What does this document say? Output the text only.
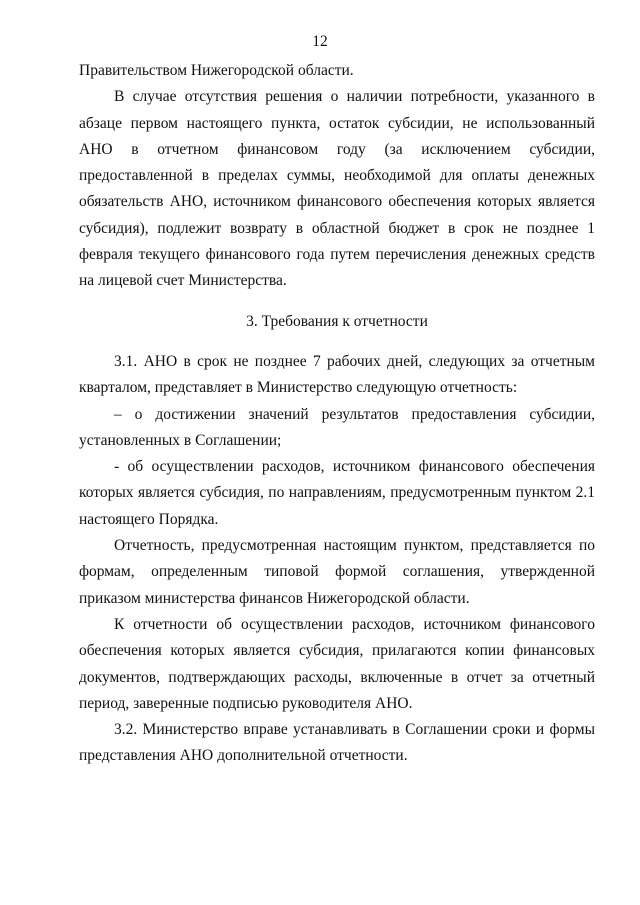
12

Правительством Нижегородской области.

В случае отсутствия решения о наличии потребности, указанного в абзаце первом настоящего пункта, остаток субсидии, не использованный АНО в отчетном финансовом году (за исключением субсидии, предоставленной в пределах суммы, необходимой для оплаты денежных обязательств АНО, источником финансового обеспечения которых является субсидия), подлежит возврату в областной бюджет в срок не позднее 1 февраля текущего финансового года путем перечисления денежных средств на лицевой счет Министерства.

3. Требования к отчетности

3.1. АНО в срок не позднее 7 рабочих дней, следующих за отчетным кварталом, представляет в Министерство следующую отчетность:

– о достижении значений результатов предоставления субсидии, установленных в Соглашении;

- об осуществлении расходов, источником финансового обеспечения которых является субсидия, по направлениям, предусмотренным пунктом 2.1 настоящего Порядка.

Отчетность, предусмотренная настоящим пунктом, представляется по формам, определенным типовой формой соглашения, утвержденной приказом министерства финансов Нижегородской области.

К отчетности об осуществлении расходов, источником финансового обеспечения которых является субсидия, прилагаются копии финансовых документов, подтверждающих расходы, включенные в отчет за отчетный период, заверенные подписью руководителя АНО.

3.2. Министерство вправе устанавливать в Соглашении сроки и формы представления АНО дополнительной отчетности.
